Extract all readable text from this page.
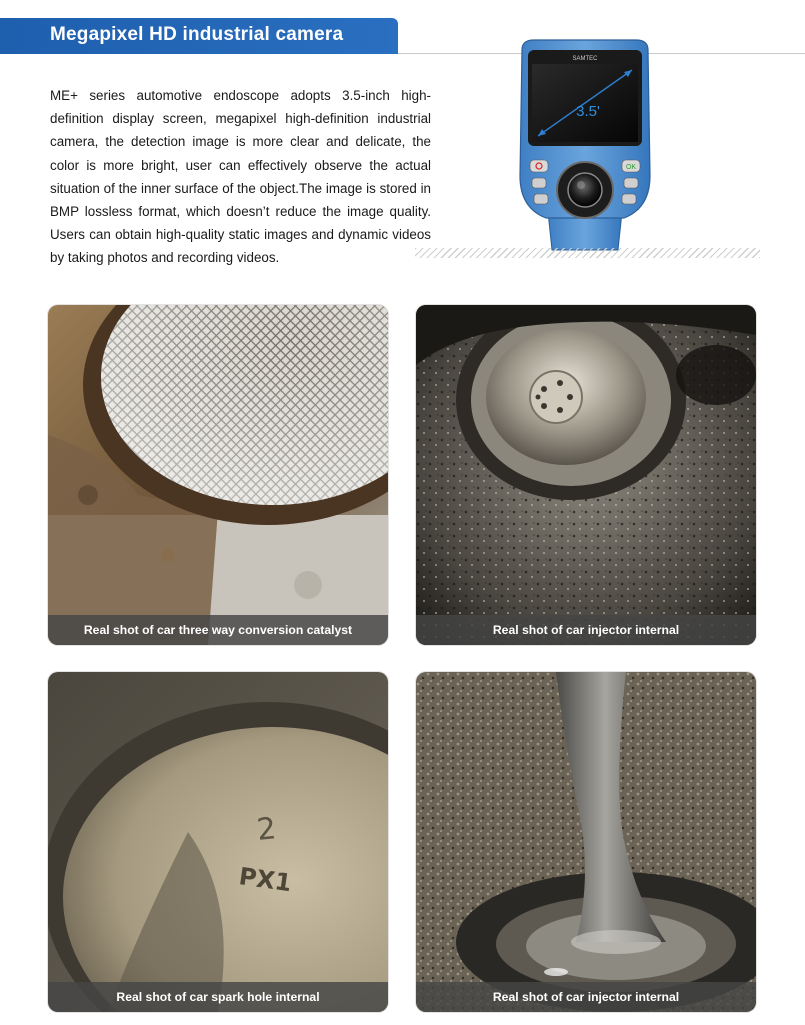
Megapixel HD industrial camera

ME+ series automotive endoscope adopts 3.5-inch high-definition display screen, megapixel high-definition industrial camera, the detection image is more clear and delicate, the color is more bright, user can effectively observe the actual situation of the inner surface of the object.The image is stored in BMP lossless format, which doesn’t reduce the image quality. Users can obtain high-quality static images and dynamic videos by taking photos and recording videos.

SAMTEC
3.5'
OK
Real shot of car three way conversion catalyst	Real shot of car injector internal
2
PX1
Real shot of car spark hole internal	Real shot of car injector internal
